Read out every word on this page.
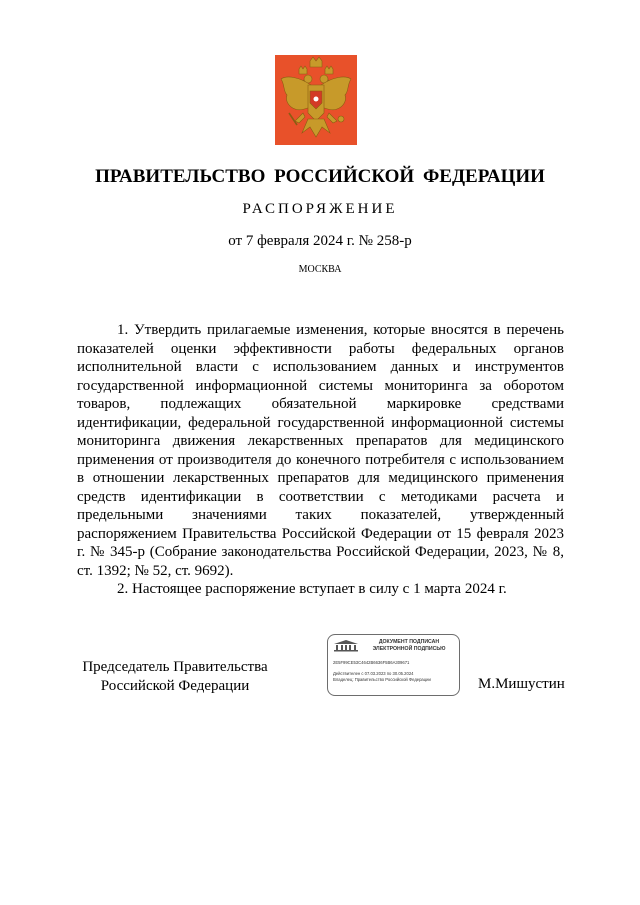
ПРАВИТЕЛЬСТВО РОССИЙСКОЙ ФЕДЕРАЦИИ
РАСПОРЯЖЕНИЕ
от 7 февраля 2024 г. № 258-р
МОСКВА

1. Утвердить прилагаемые изменения, которые вносятся в перечень показателей оценки эффективности работы федеральных органов исполнительной власти с использованием данных и инструментов государственной информационной системы мониторинга за оборотом товаров, подлежащих обязательной маркировке средствами идентификации, федеральной государственной информационной системы мониторинга движения лекарственных препаратов для медицинского применения от производителя до конечного потребителя с использованием в отношении лекарственных препаратов для медицинского применения средств идентификации в соответствии с методиками расчета и предельными значениями таких показателей, утвержденный распоряжением Правительства Российской Федерации от 15 февраля 2023 г. № 345-р (Собрание законодательства Российской Федерации, 2023, № 8, ст. 1392; № 52, ст. 9692).

2. Настоящее распоряжение вступает в силу с 1 марта 2024 г.

Председатель Правительства
Российской Федерации
ДОКУМЕНТ ПОДПИСАН
ЭЛЕКТРОННОЙ ПОДПИСЬЮ
2E5F99CE53C4642B6636F5B6A309671
Действителен с 07.03.2023 по 30.05.2024
Владелец: Правительство Российской Федерации	М.Мишустин
